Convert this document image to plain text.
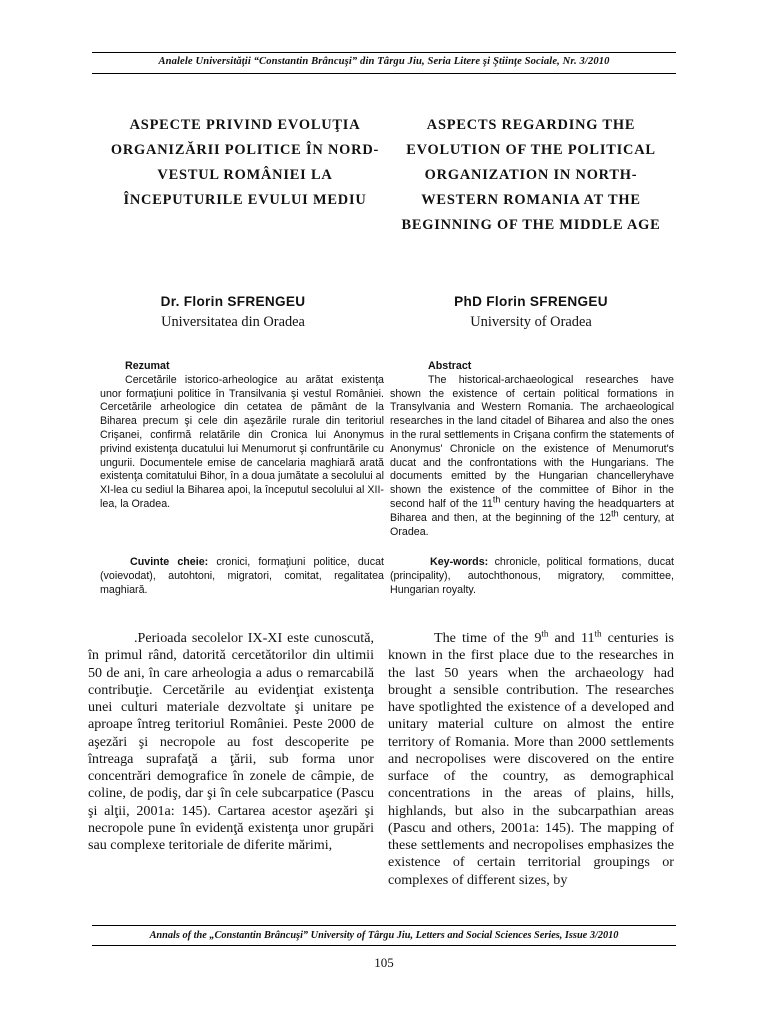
Analele Universităţii “Constantin Brâncuşi” din Târgu Jiu, Seria Litere şi Ştiinţe Sociale, Nr. 3/2010
ASPECTE PRIVIND EVOLUŢIA ORGANIZĂRII POLITICE ÎN NORD-VESTUL ROMÂNIEI LA ÎNCEPUTURILE EVULUI MEDIU
ASPECTS REGARDING THE EVOLUTION OF THE POLITICAL ORGANIZATION IN NORTH-WESTERN ROMANIA AT THE BEGINNING OF THE MIDDLE AGE
Dr. Florin SFRENGEU
Universitatea din Oradea
PhD Florin SFRENGEU
University of Oradea
Rezumat
Cercetările istorico-arheologice au arătat existenţa unor formaţiuni politice în Transilvania şi vestul României. Cercetările arheologice din cetatea de pământ de la Biharea precum şi cele din aşezările rurale din teritoriul Crişanei, confirmă relatările din Cronica lui Anonymus privind existenţa ducatului lui Menumorut şi confruntările cu ungurii. Documentele emise de cancelaria maghiară arată existenţa comitatului Bihor, în a doua jumătate a secolului al XI-lea cu sediul la Biharea apoi, la începutul secolului al XII-lea, la Oradea.
Abstract
The historical-archaeological researches have shown the existence of certain political formations in Transylvania and Western Romania. The archaeological researches in the land citadel of Biharea and also the ones in the rural settlements in Crişana confirm the statements of Anonymus' Chronicle on the existence of Menumorut's ducat and the confrontations with the Hungarians. The documents emitted by the Hungarian chancelleryhave shown the existence of the committee of Bihor in the second half of the 11th century having the headquarters at Biharea and then, at the beginning of the 12th century, at Oradea.
Cuvinte cheie: cronici, formaţiuni politice, ducat (voievodat), autohtoni, migratori, comitat, regalitatea maghiară.
Key-words: chronicle, political formations, ducat (principality), autochthonous, migratory, committee, Hungarian royalty.
.Perioada secolelor IX-XI este cunoscută, în primul rând, datorită cercetătorilor din ultimii 50 de ani, în care arheologia a adus o remarcabilă contribuţie. Cercetările au evidenţiat existenţa unei culturi materiale dezvoltate şi unitare pe aproape întreg teritoriul României. Peste 2000 de aşezări şi necropole au fost descoperite pe întreaga suprafaţă a ţării, sub forma unor concentrări demografice în zonele de câmpie, de coline, de podiş, dar şi în cele subcarpatice (Pascu şi alţii, 2001a: 145). Cartarea acestor aşezări şi necropole pune în evidenţă existenţa unor grupări sau complexe teritoriale de diferite mărimi,
The time of the 9th and 11th centuries is known in the first place due to the researches in the last 50 years when the archaeology had brought a sensible contribution. The researches have spotlighted the existence of a developed and unitary material culture on almost the entire territory of Romania. More than 2000 settlements and necropolises were discovered on the entire surface of the country, as demographical concentrations in the areas of plains, hills, highlands, but also in the subcarpathian areas (Pascu and others, 2001a: 145). The mapping of these settlements and necropolises emphasizes the existence of certain territorial groupings or complexes of different sizes, by
Annals of the „Constantin Brâncuşi” University of Târgu Jiu, Letters and Social Sciences Series, Issue 3/2010
105
